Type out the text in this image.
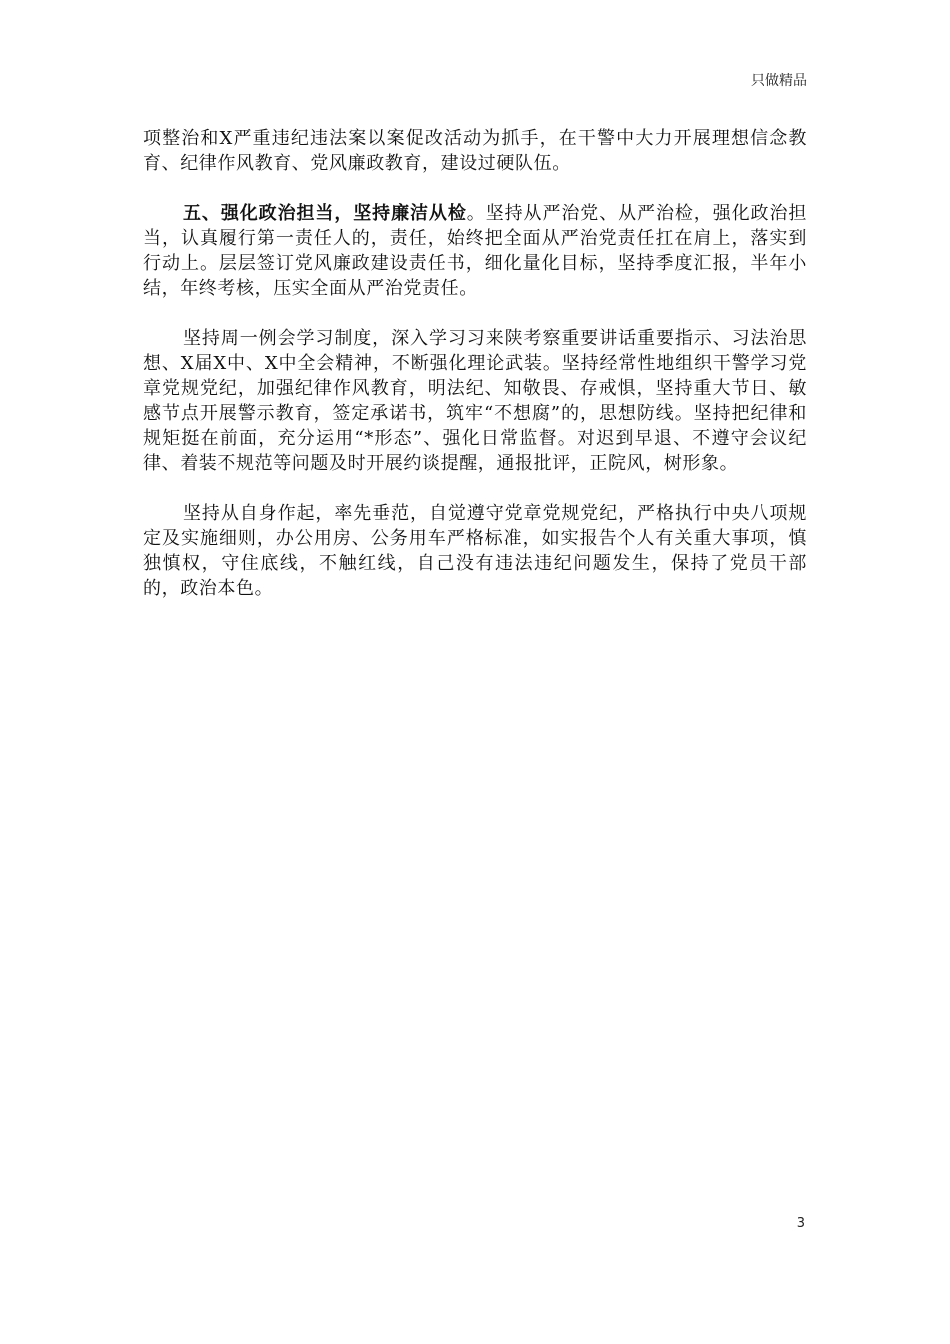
只做精品

项整治和X严重违纪违法案以案促改活动为抓手，在干警中大力开展理想信念教育、纪律作风教育、党风廉政教育，建设过硬队伍。

五、强化政治担当，坚持廉洁从检。坚持从严治党、从严治检，强化政治担当，认真履行第一责任人的，责任，始终把全面从严治党责任扛在肩上，落实到行动上。层层签订党风廉政建设责任书，细化量化目标，坚持季度汇报，半年小结，年终考核，压实全面从严治党责任。

坚持周一例会学习制度，深入学习习来陕考察重要讲话重要指示、习法治思想、X届X中、X中全会精神，不断强化理论武装。坚持经常性地组织干警学习党章党规党纪，加强纪律作风教育，明法纪、知敬畏、存戒惧，坚持重大节日、敏感节点开展警示教育，签定承诺书，筑牢“不想腐”的，思想防线。坚持把纪律和规矩挺在前面，充分运用“*形态”、强化日常监督。对迟到早退、不遵守会议纪律、着装不规范等问题及时开展约谈提醒，通报批评，正院风，树形象。

坚持从自身作起，率先垂范，自觉遵守党章党规党纪，严格执行中央八项规定及实施细则，办公用房、公务用车严格标准，如实报告个人有关重大事项，慎独慎权，守住底线，不触红线，自己没有违法违纪问题发生，保持了党员干部的，政治本色。

3
